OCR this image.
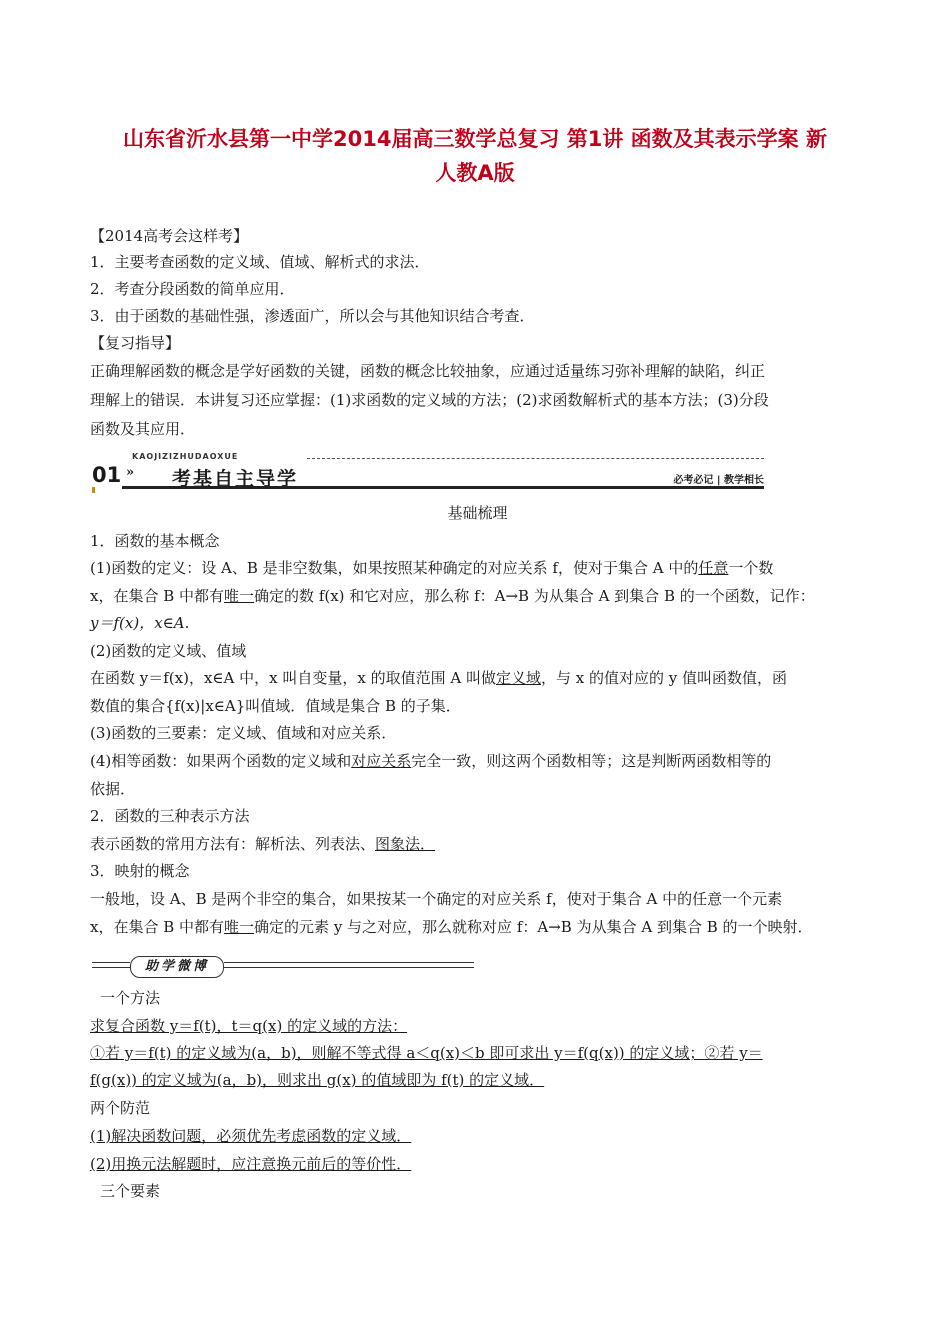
山东省沂水县第一中学2014届高三数学总复习 第1讲 函数及其表示学案 新
人教A版
【2014高考会这样考】
1．主要考查函数的定义域、值域、解析式的求法．
2．考查分段函数的简单应用．
3．由于函数的基础性强，渗透面广，所以会与其他知识结合考查．
【复习指导】
正确理解函数的概念是学好函数的关键，函数的概念比较抽象，应通过适量练习弥补理解的缺陷，纠正
理解上的错误．本讲复习还应掌握：(1)求函数的定义域的方法；(2)求函数解析式的基本方法；(3)分段
函数及其应用．
KAOJIZIZHUDAOXUE
01 » 考基自主导学	必考必记 | 教学相长
基础梳理
1．函数的基本概念
(1)函数的定义：设 A、B 是非空数集，如果按照某种确定的对应关系 f，使对于集合 A 中的任意一个数
x，在集合 B 中都有唯一确定的数 f(x) 和它对应，那么称 f：A→B 为从集合 A 到集合 B 的一个函数，记作：
y＝f(x)，x∈A.
(2)函数的定义域、值域
在函数 y＝f(x)，x∈A 中，x 叫自变量，x 的取值范围 A 叫做定义域，与 x 的值对应的 y 值叫函数值，函
数值的集合{f(x)|x∈A}叫值域．值域是集合 B 的子集．
(3)函数的三要素：定义域、值域和对应关系．
(4)相等函数：如果两个函数的定义域和对应关系完全一致，则这两个函数相等；这是判断两函数相等的
依据．
2．函数的三种表示方法
表示函数的常用方法有：解析法、列表法、图象法．
3．映射的概念
一般地，设 A、B 是两个非空的集合，如果按某一个确定的对应关系 f，使对于集合 A 中的任意一个元素
x，在集合 B 中都有唯一确定的元素 y 与之对应，那么就称对应 f：A→B 为从集合 A 到集合 B 的一个映射．
助学微博
一个方法
求复合函数 y＝f(t)，t＝q(x) 的定义域的方法：
①若 y＝f(t) 的定义域为(a，b)，则解不等式得 a＜q(x)＜b 即可求出 y＝f(q(x)) 的定义域；②若 y＝
f(g(x)) 的定义域为(a，b)，则求出 g(x) 的值域即为 f(t) 的定义域．
两个防范
(1)解决函数问题，必须优先考虑函数的定义域．
(2)用换元法解题时，应注意换元前后的等价性．
三个要素
